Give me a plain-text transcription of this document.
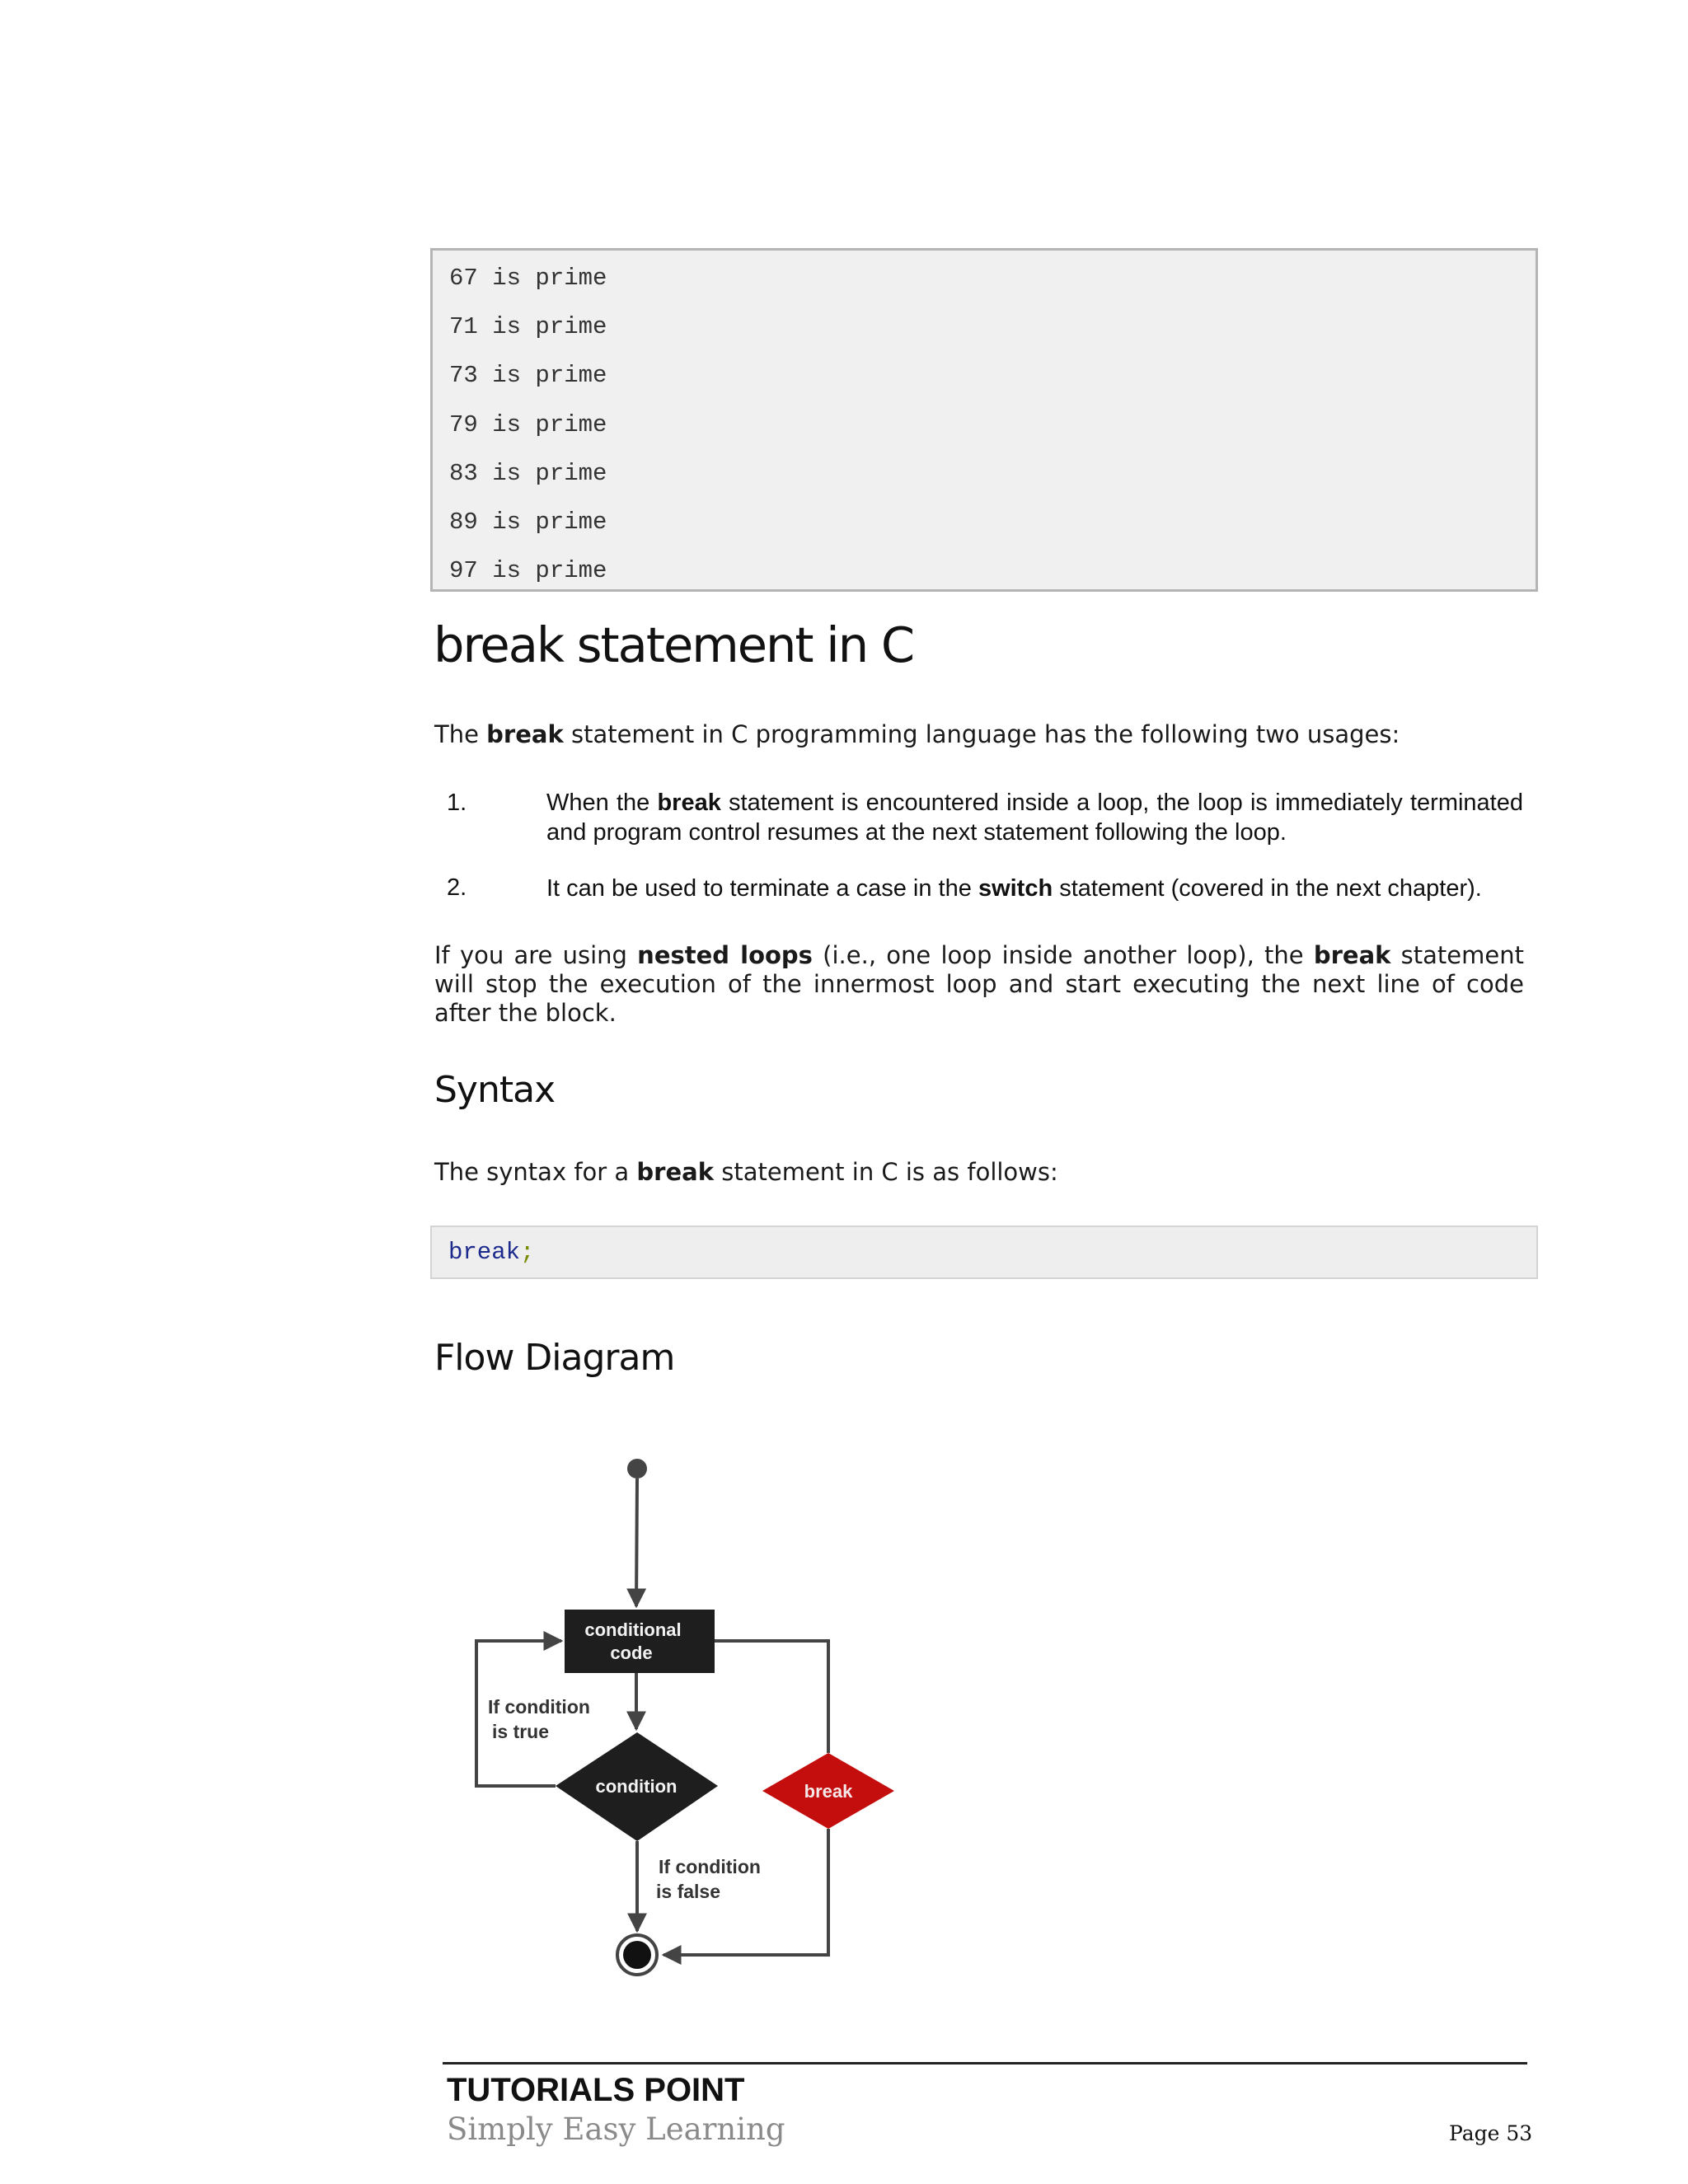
67 is prime
71 is prime
73 is prime
79 is prime
83 is prime
89 is prime
97 is prime
break statement in C

The break statement in C programming language has the following two usages:

1.	When the break statement is encountered inside a loop, the loop is immediately terminated and program control resumes at the next statement following the loop.

2.	It can be used to terminate a case in the switch statement (covered in the next chapter).

If you are using nested loops (i.e., one loop inside another loop), the break statement will stop the execution of the innermost loop and start executing the next line of code after the block.

Syntax

The syntax for a break statement in C is as follows:

break ;
Flow Diagram
conditional
code
condition
If condition
is true
break
If condition
is false

TUTORIALS POINT

Simply Easy Learning	Page 53
